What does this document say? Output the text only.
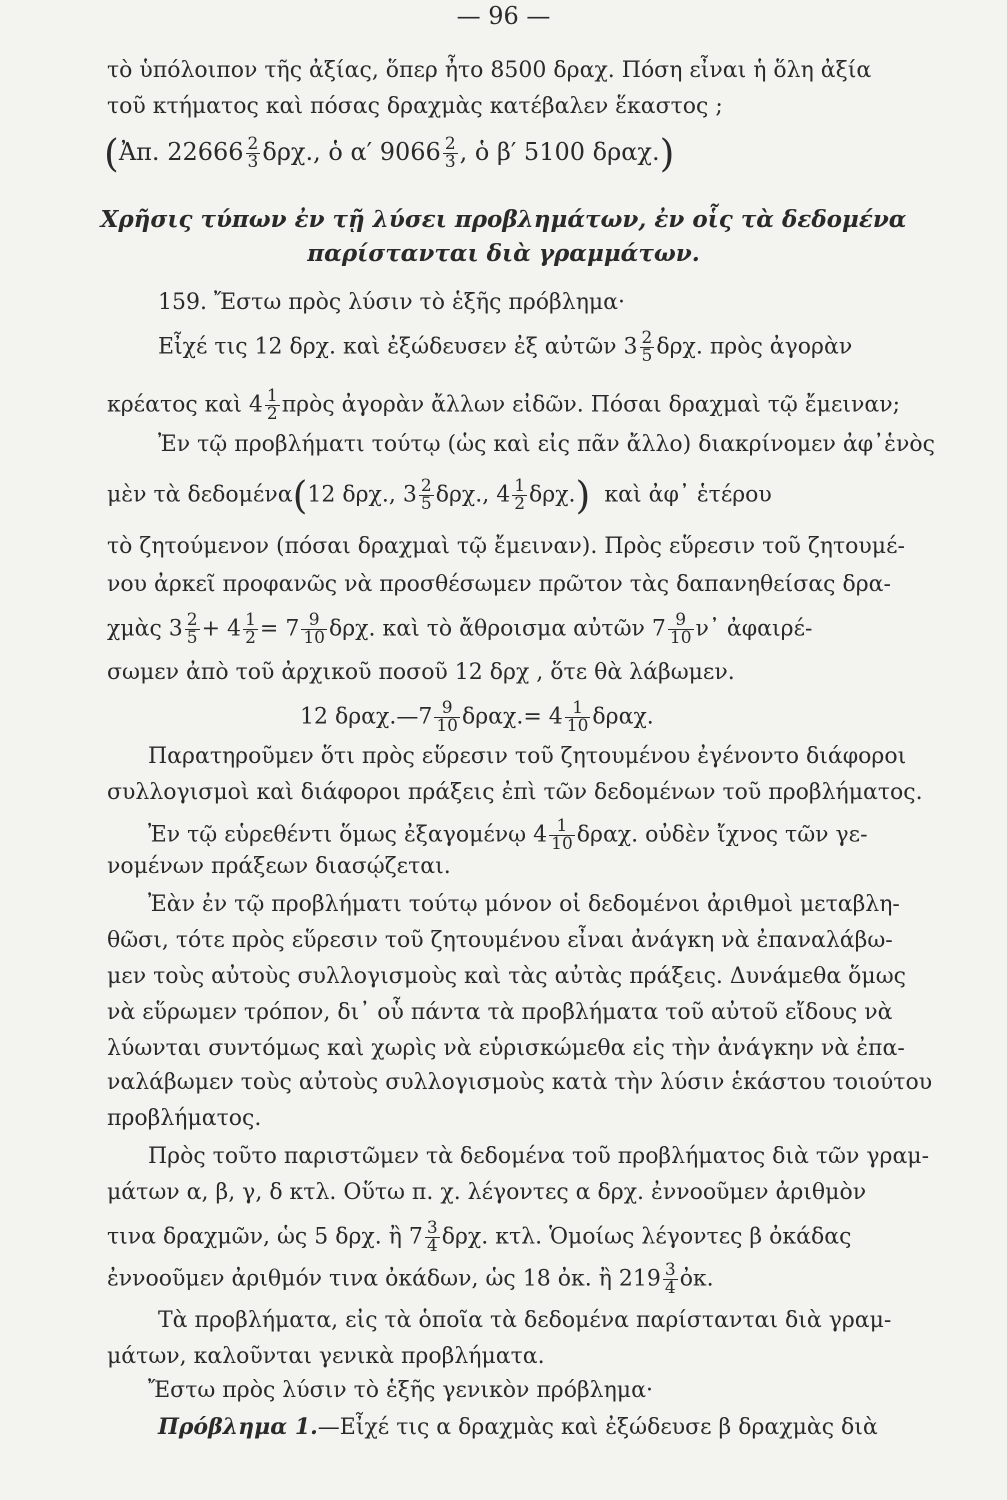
— 96 —
τὸ ὑπόλοιπον τῆς ἀξίας, ὅπερ ἦτο 8500 δραχ. Πόση εἶναι ἡ ὅλη ἀξία
τοῦ κτήματος καὶ πόσας δραχμὰς κατέβαλεν ἕκαστος ;
(Ἀπ. $22666 \frac{2}{3} \delta\rho\chi$., ὁ α′ $9066 \frac{2}{3}$ , ὁ β′ 5100 δραχ.)
Χρῆσις τύπων ἐν τῇ λύσει προβλημάτων, ἐν οἷς τὰ δεδομένα
παρίστανται διὰ γραμμάτων.
159. Ἔστω πρὸς λύσιν τὸ ἑξῆς πρόβλημα·
Εἶχέ τις 12 δρχ. καὶ ἐξώδευσεν ἐξ αὐτῶν $3 \frac{2}{5} \delta\rho\chi$. πρὸς ἀγορὰν
κρέατος καὶ $4 \frac{1}{2}$ πρὸς ἀγορὰν ἄλλων εἰδῶν. Πόσαι δραχμαὶ τῷ ἔμειναν;
Ἐν τῷ προβλήματι τούτῳ (ὡς καὶ εἰς πᾶν ἄλλο) διακρίνομεν ἀφ᾽ἑνὸς
μὲν τὰ δεδομένα(12 δρχ., $3 \frac{2}{5} \delta\rho\chi$., $4 \frac{1}{2} \delta\rho\chi$.) καὶ ἀφ᾽ ἑτέρου
τὸ ζητούμενον (πόσαι δραχμαὶ τῷ ἔμειναν). Πρὸς εὕρεσιν τοῦ ζητουμέ-
νου ἀρκεῖ προφανῶς νὰ προσθέσωμεν πρῶτον τὰς δαπανηθείσας δρα-
χμὰς $3 \frac{2}{5} + 4 \frac{1}{2} = 7 \frac{9}{10} \delta\rho\chi$. καὶ τὸ ἄθροισμα αὐτῶν $7 \frac{9}{10}$ ν᾽ ἀφαιρέ-
σωμεν ἀπὸ τοῦ ἀρχικοῦ ποσοῦ 12 δρχ , ὅτε θὰ λάβωμεν.
12 δραχ.—7 $\frac{9}{10} \delta\rho\alpha\chi.= 4 \frac{1}{10} \delta\rho\alpha\chi$.
Παρατηροῦμεν ὅτι πρὸς εὕρεσιν τοῦ ζητουμένου ἐγένοντο διάφοροι
συλλογισμοὶ καὶ διάφοροι πράξεις ἐπὶ τῶν δεδομένων τοῦ προβλήματος.
Ἐν τῷ εὑρεθέντι ὅμως ἐξαγομένῳ $4 \frac{1}{10} \delta\rho\alpha\chi$. οὐδὲν ἴχνος τῶν γε-
νομένων πράξεων διασῴζεται.
Ἐὰν ἐν τῷ προβλήματι τούτῳ μόνον οἱ δεδομένοι ἀριθμοὶ μεταβλη-
θῶσι, τότε πρὸς εὕρεσιν τοῦ ζητουμένου εἶναι ἀνάγκη νὰ ἐπαναλάβω-
μεν τοὺς αὐτοὺς συλλογισμοὺς καὶ τὰς αὐτὰς πράξεις. Δυνάμεθα ὅμως
νὰ εὕρωμεν τρόπον, δι᾽ οὗ πάντα τὰ προβλήματα τοῦ αὐτοῦ εἴδους νὰ
λύωνται συντόμως καὶ χωρὶς νὰ εὑρισκώμεθα εἰς τὴν ἀνάγκην νὰ ἐπα-
ναλάβωμεν τοὺς αὐτοὺς συλλογισμοὺς κατὰ τὴν λύσιν ἑκάστου τοιούτου
προβλήματος.
Πρὸς τοῦτο παριστῶμεν τὰ δεδομένα τοῦ προβλήματος διὰ τῶν γραμ-
μάτων α, β, γ, δ κτλ. Οὕτω π. χ. λέγοντες α δρχ. ἐννοοῦμεν ἀριθμὸν
τινα δραχμῶν, ὡς 5 δρχ. ἢ $7 \frac{3}{4} \delta\rho\chi$. κτλ. Ὁμοίως λέγοντες β ὀκάδας
ἐννοοῦμεν ἀριθμόν τινα ὀκάδων, ὡς 18 ὀκ. ἢ $219 \frac{3}{4}$ ὀκ.
Τὰ προβλήματα, εἰς τὰ ὁποῖα τὰ δεδομένα παρίστανται διὰ γραμ-
μάτων, καλοῦνται γενικὰ προβλήματα.
Ἔστω πρὸς λύσιν τὸ ἑξῆς γενικὸν πρόβλημα·
Πρόβλημα 1.—Εἶχέ τις α δραχμὰς καὶ ἐξώδευσε β δραχμὰς διὰ
